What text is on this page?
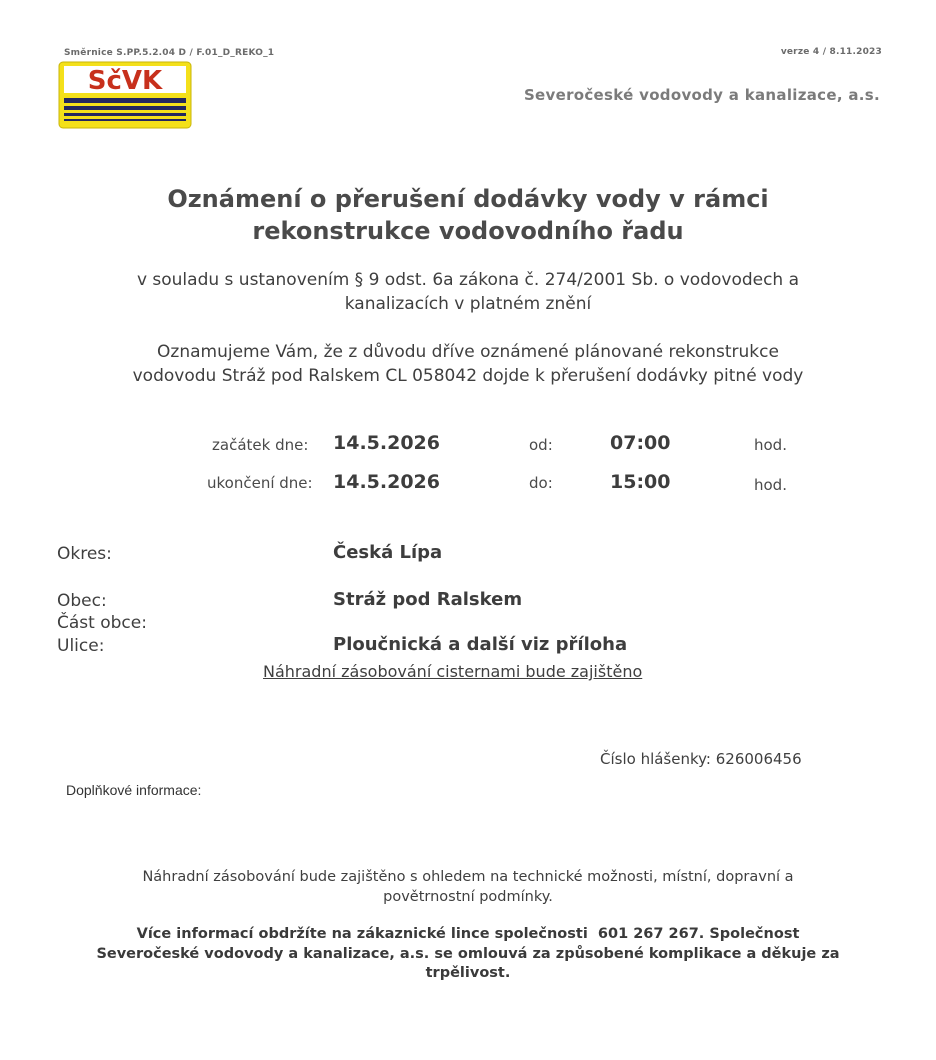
Směrnice S.PP.5.2.04 D / F.01_D_REKO_1	verze 4 / 8.11.2023
SčVK	Severočeské vodovody a kanalizace, a.s.
Oznámení o přerušení dodávky vody v rámci
rekonstrukce vodovodního řadu
v souladu s ustanovením § 9 odst. 6a zákona č. 274/2001 Sb. o vodovodech a
kanalizacích v platném znění
Oznamujeme Vám, že z důvodu dříve oznámené plánované rekonstrukce
vodovodu Stráž pod Ralskem CL 058042 dojde k přerušení dodávky pitné vody
začátek dne: 14.5.2026	od:	07:00	hod.
ukončení dne: 14.5.2026	do:	15:00	hod.
Okres:	Česká Lípa
Obec:	Stráž pod Ralskem
Část obce:
Ulice:	Ploučnická a další viz příloha
Náhradní zásobování cisternami bude zajištěno
Číslo hlášenky: 626006456
Doplňkové informace:
Náhradní zásobování bude zajištěno s ohledem na technické možnosti, místní, dopravní a
povětrnostní podmínky.
Více informací obdržíte na zákaznické lince společnosti  601 267 267. Společnost
Severočeské vodovody a kanalizace, a.s. se omlouvá za způsobené komplikace a děkuje za
trpělivost.
